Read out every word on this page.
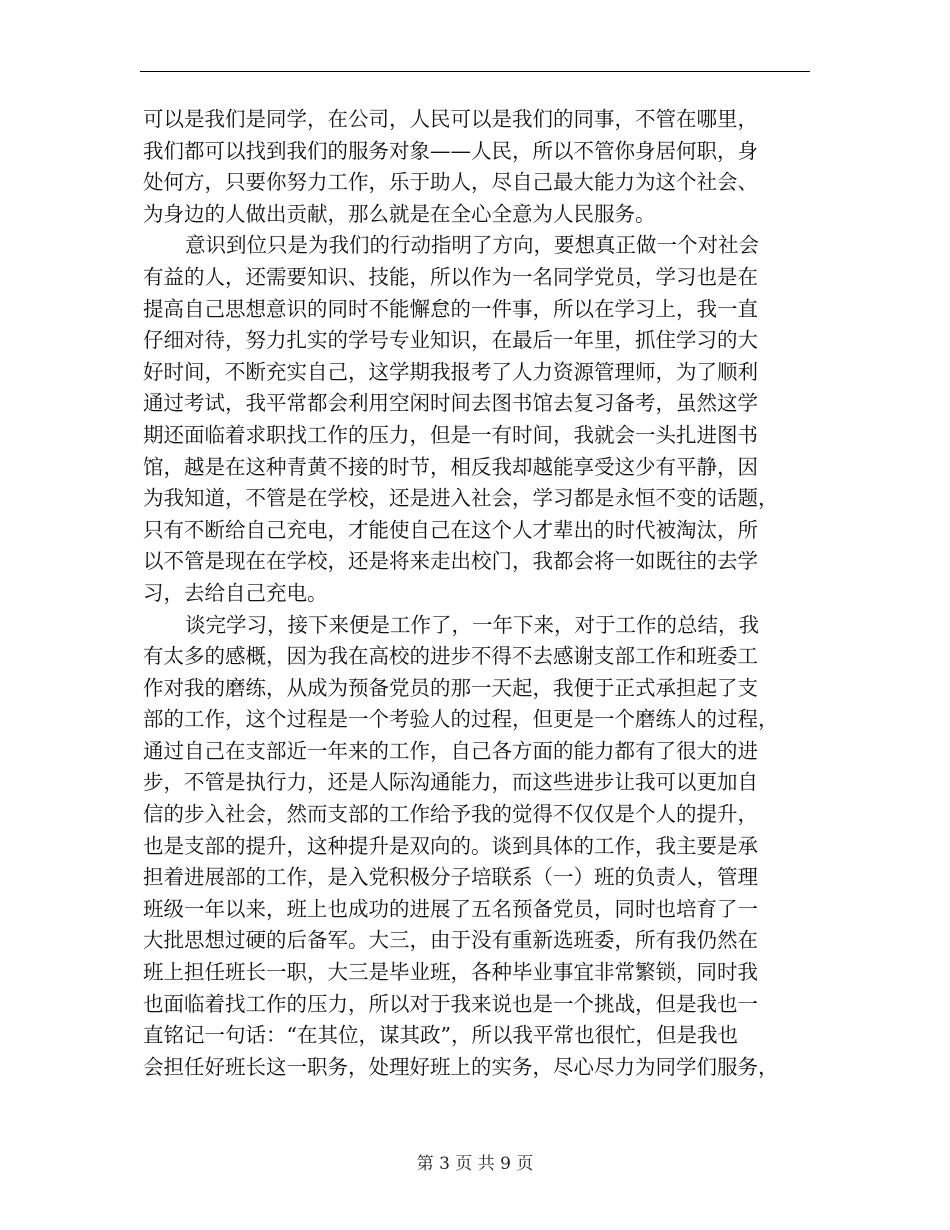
可以是我们是同学，在公司，人民可以是我们的同事，不管在哪里，
我们都可以找到我们的服务对象——人民，所以不管你身居何职，身
处何方，只要你努力工作，乐于助人，尽自己最大能力为这个社会、
为身边的人做出贡献，那么就是在全心全意为人民服务。
意识到位只是为我们的行动指明了方向，要想真正做一个对社会
有益的人，还需要知识、技能，所以作为一名同学党员，学习也是在
提高自己思想意识的同时不能懈怠的一件事，所以在学习上，我一直
仔细对待，努力扎实的学号专业知识，在最后一年里，抓住学习的大
好时间，不断充实自己，这学期我报考了人力资源管理师，为了顺利
通过考试，我平常都会利用空闲时间去图书馆去复习备考，虽然这学
期还面临着求职找工作的压力，但是一有时间，我就会一头扎进图书
馆，越是在这种青黄不接的时节，相反我却越能享受这少有平静，因
为我知道，不管是在学校，还是进入社会，学习都是永恒不变的话题，
只有不断给自己充电，才能使自己在这个人才辈出的时代被淘汰，所
以不管是现在在学校，还是将来走出校门，我都会将一如既往的去学
习，去给自己充电。
谈完学习，接下来便是工作了，一年下来，对于工作的总结，我
有太多的感概，因为我在高校的进步不得不去感谢支部工作和班委工
作对我的磨练，从成为预备党员的那一天起，我便于正式承担起了支
部的工作，这个过程是一个考验人的过程，但更是一个磨练人的过程，
通过自己在支部近一年来的工作，自己各方面的能力都有了很大的进
步，不管是执行力，还是人际沟通能力，而这些进步让我可以更加自
信的步入社会，然而支部的工作给予我的觉得不仅仅是个人的提升，
也是支部的提升，这种提升是双向的。谈到具体的工作，我主要是承
担着进展部的工作，是入党积极分子培联系（一）班的负责人，管理
班级一年以来，班上也成功的进展了五名预备党员，同时也培育了一
大批思想过硬的后备军。大三，由于没有重新选班委，所有我仍然在
班上担任班长一职，大三是毕业班，各种毕业事宜非常繁锁，同时我
也面临着找工作的压力，所以对于我来说也是一个挑战，但是我也一
直铭记一句话：“在其位，谋其政”，所以我平常也很忙，但是我也
会担任好班长这一职务，处理好班上的实务，尽心尽力为同学们服务，
第 3 页 共 9 页
